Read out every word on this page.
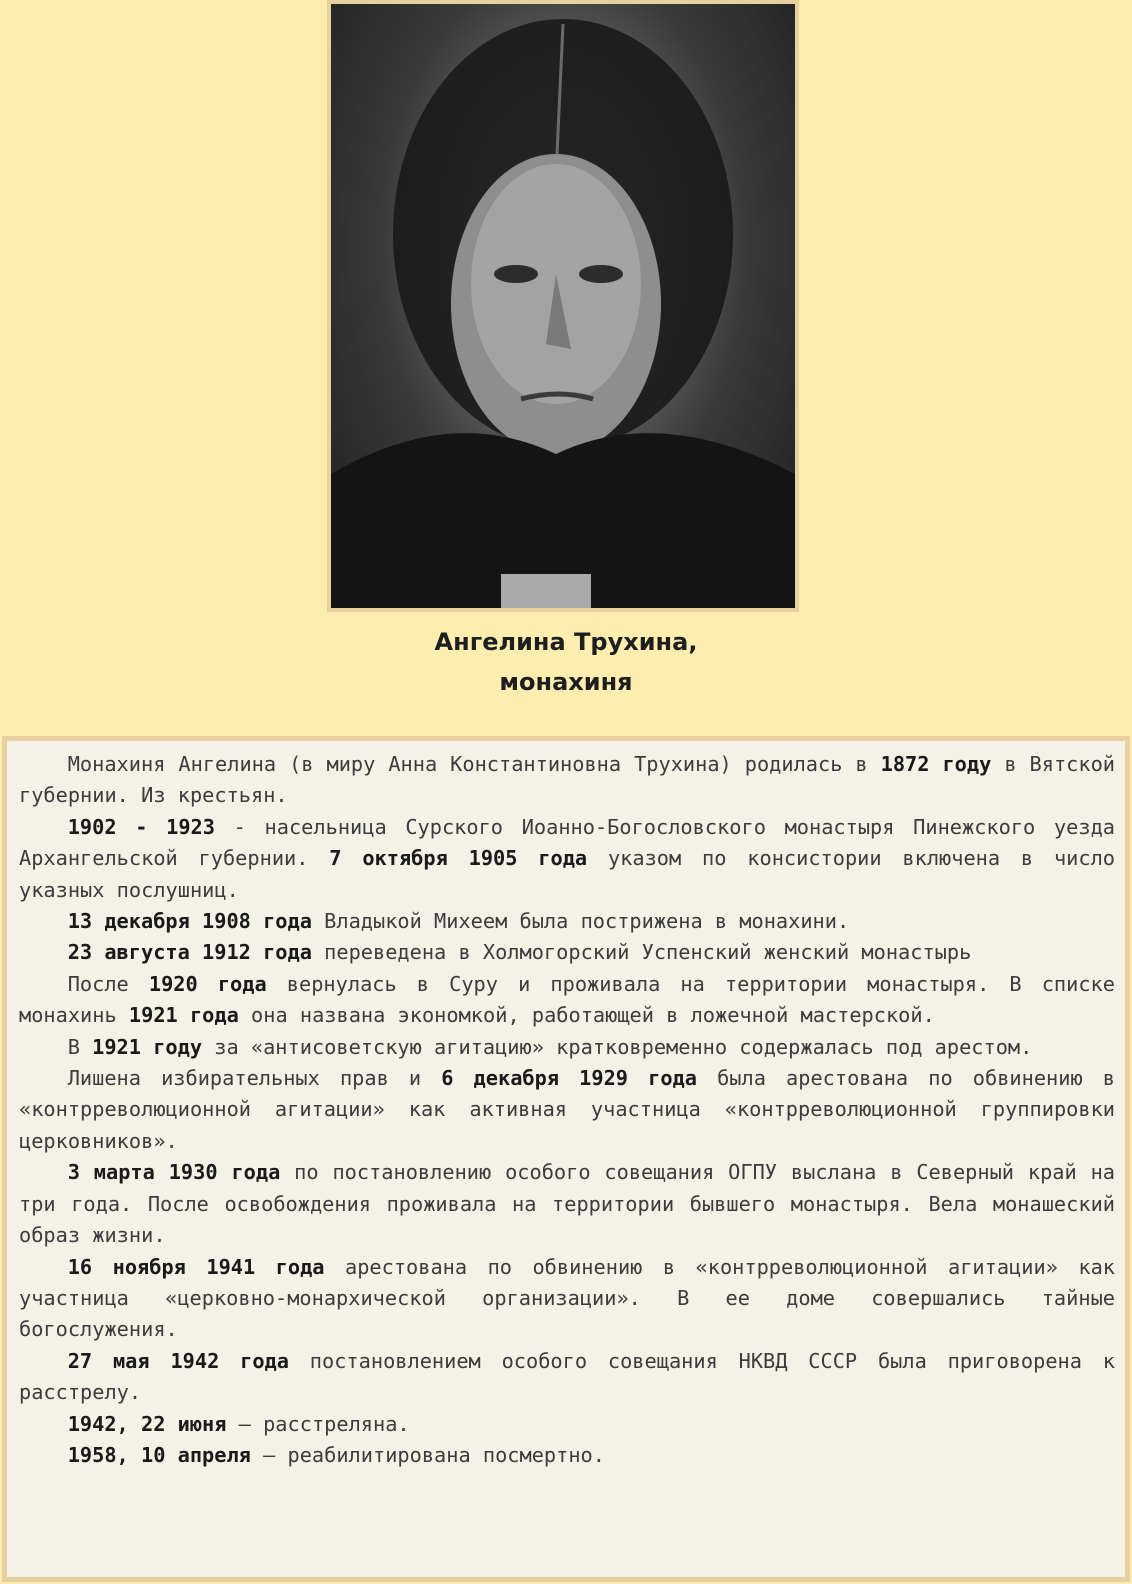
Ангелина Трухина,
монахиня

Монахиня Ангелина (в миру Анна Константиновна Трухина) родилась в 1872 году в Вятской губернии. Из крестьян.

1902 - 1923 - насельница Сурского Иоанно-Богословского монастыря Пинежского уезда Архангельской губернии. 7 октября 1905 года указом по консистории включена в число указных послушниц.

13 декабря 1908 года Владыкой Михеем была пострижена в монахини.

23 августа 1912 года переведена в Холмогорский Успенский женский монастырь

После 1920 года вернулась в Суру и проживала на территории монастыря. В списке монахинь 1921 года она названа экономкой, работающей в ложечной мастерской.

В 1921 году за «антисоветскую агитацию» кратковременно содержалась под арестом.

Лишена избирательных прав и 6 декабря 1929 года была арестована по обвинению в «контрреволюционной агитации» как активная участница «контрреволюционной группировки церковников».

3 марта 1930 года по постановлению особого совещания ОГПУ выслана в Северный край на три года. После освобождения проживала на территории бывшего монастыря. Вела монашеский образ жизни.

16 ноября 1941 года арестована по обвинению в «контрреволюционной агитации» как участница «церковно-монархической организации». В ее доме совершались тайные богослужения.

27 мая 1942 года постановлением особого совещания НКВД СССР была приговорена к расстрелу.

1942, 22 июня – расстреляна.

1958, 10 апреля – реабилитирована посмертно.
